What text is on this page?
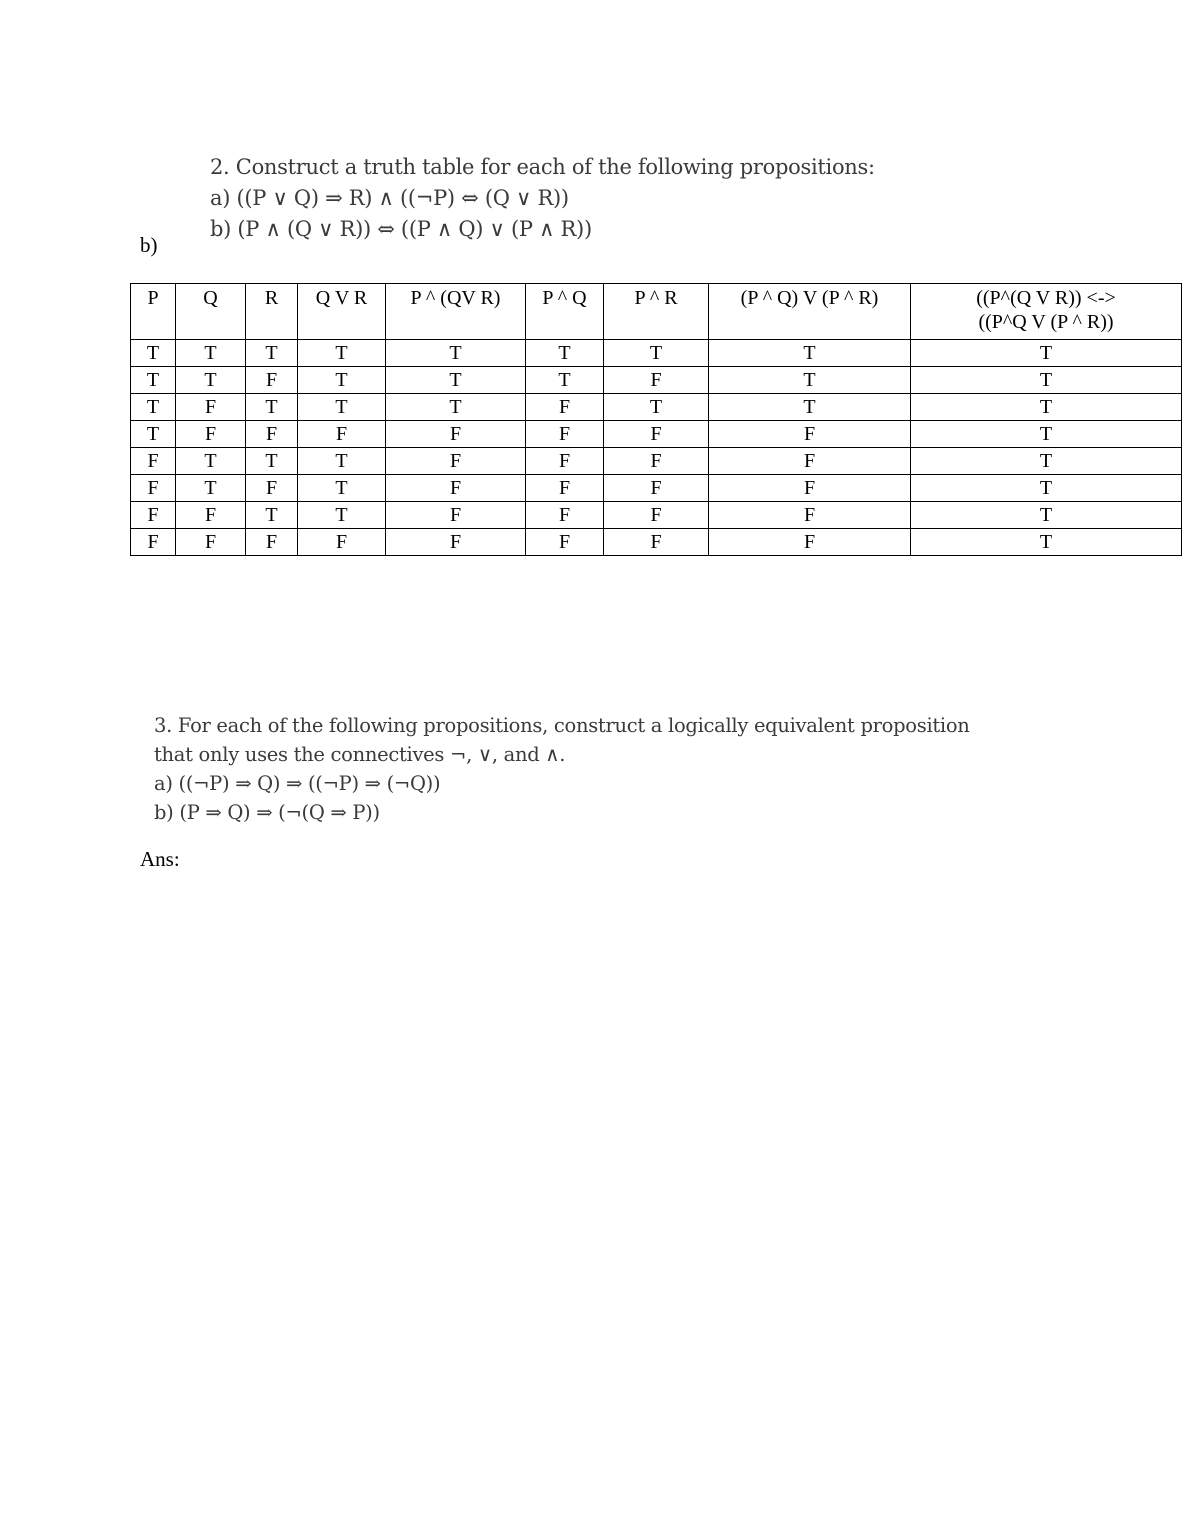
2. Construct a truth table for each of the following propositions:
a) ((P ∨ Q) ⇒ R) ∧ ((¬P) ⇔ (Q ∨ R))
b) (P ∧ (Q ∨ R)) ⇔ ((P ∧ Q) ∨ (P ∧ R))
b)
P	Q	R	Q V R	P ^ (QV R)	P ^ Q	P ^ R	(P ^ Q) V (P ^ R)	((P^(Q V R)) <->
((P^Q V (P ^ R))
T	T	T	T	T	T	T	T	T
T	T	F	T	T	T	F	T	T
T	F	T	T	T	F	T	T	T
T	F	F	F	F	F	F	F	T
F	T	T	T	F	F	F	F	T
F	T	F	T	F	F	F	F	T
F	F	T	T	F	F	F	F	T
F	F	F	F	F	F	F	F	T
3. For each of the following propositions, construct a logically equivalent proposition
that only uses the connectives ¬, ∨, and ∧.
a) ((¬P) ⇒ Q) ⇒ ((¬P) ⇒ (¬Q))
b) (P ⇒ Q) ⇒ (¬(Q ⇒ P))
Ans:
